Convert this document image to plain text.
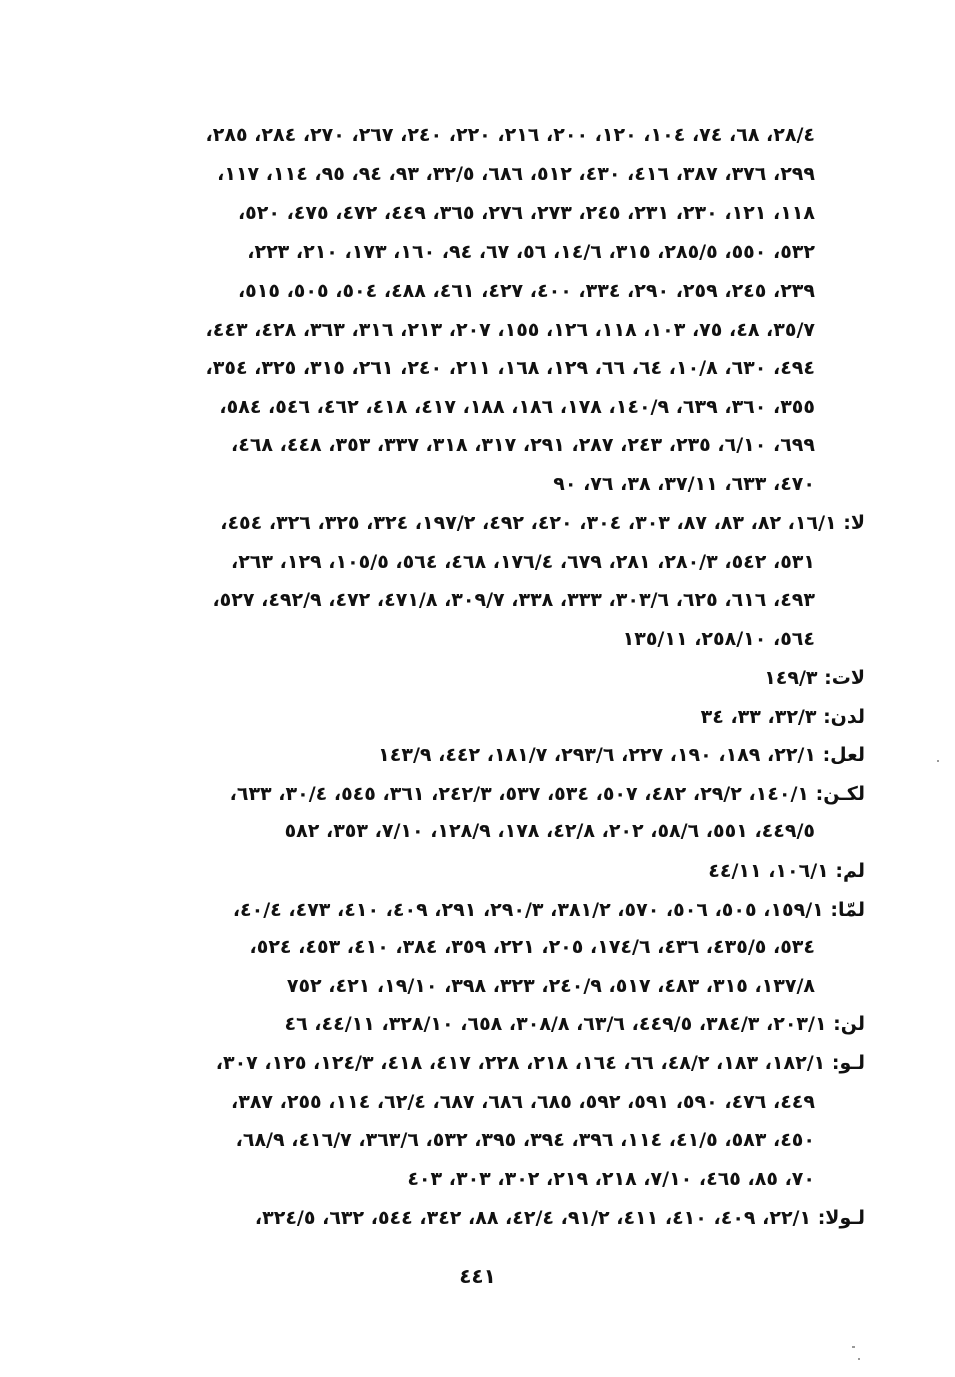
٢٨/٤، ٦٨، ٧٤، ١٠٤، ١٢٠، ٢٠٠، ٢١٦، ٢٢٠، ٢٤٠، ٢٦٧، ٢٧٠، ٢٨٤، ٢٨٥،
٢٩٩، ٣٧٦، ٣٨٧، ٤١٦، ٤٣٠، ٥١٢، ٦٨٦، ٣٢/٥، ٩٣، ٩٤، ٩٥، ١١٤، ١١٧،
١١٨، ١٢١، ٢٣٠، ٢٣١، ٢٤٥، ٢٧٣، ٢٧٦، ٣٦٥، ٤٤٩، ٤٧٢، ٤٧٥، ٥٢٠،
٥٣٢، ٥٥٠، ٢٨٥/٥، ٣١٥، ١٤/٦، ٥٦، ٦٧، ٩٤، ١٦٠، ١٧٣، ٢١٠، ٢٢٣،
٢٣٩، ٢٤٥، ٢٥٩، ٢٩٠، ٣٣٤، ٤٠٠، ٤٢٧، ٤٦١، ٤٨٨، ٥٠٤، ٥٠٥، ٥١٥،
٣٥/٧، ٤٨، ٧٥، ١٠٣، ١١٨، ١٢٦، ١٥٥، ٢٠٧، ٢١٣، ٣١٦، ٣٦٣، ٤٢٨، ٤٤٣،
٤٩٤، ٦٣٠، ١٠/٨، ٦٤، ٦٦، ١٢٩، ١٦٨، ٢١١، ٢٤٠، ٢٦١، ٣١٥، ٣٢٥، ٣٥٤،
٣٥٥، ٣٦٠، ٦٣٩، ١٤٠/٩، ١٧٨، ١٨٦، ١٨٨، ٤١٧، ٤١٨، ٤٦٢، ٥٤٦، ٥٨٤،
٦٩٩، ٦/١٠، ٢٣٥، ٢٤٣، ٢٨٧، ٢٩١، ٣١٧، ٣١٨، ٣٣٧، ٣٥٣، ٤٤٨، ٤٦٨،
٤٧٠، ٦٣٣، ٣٧/١١، ٣٨، ٧٦، ٩٠
لا: ١٦/١، ٨٢، ٨٣، ٨٧، ٣٠٣، ٣٠٤، ٤٢٠، ٤٩٢، ١٩٧/٢، ٣٢٤، ٣٢٥، ٣٢٦، ٤٥٤،
٥٣١، ٥٤٢، ٢٨٠/٣، ٢٨١، ٦٧٩، ١٧٦/٤، ٤٦٨، ٥٦٤، ١٠٥/٥، ١٢٩، ٢٦٣،
٤٩٣، ٦١٦، ٦٢٥، ٣٠٣/٦، ٣٣٣، ٣٣٨، ٣٠٩/٧، ٤٧١/٨، ٤٧٢، ٤٩٢/٩، ٥٢٧،
٥٦٤، ٢٥٨/١٠، ١٣٥/١١
لات: ١٤٩/٣
لدن: ٣٢/٣، ٣٣، ٣٤
لعل: ٢٢/١، ١٨٩، ١٩٠، ٢٢٧، ٢٩٣/٦، ١٨١/٧، ٤٤٢، ١٤٣/٩
لكـن: ١٤٠/١، ٢٩/٢، ٤٨٢، ٥٠٧، ٥٣٤، ٥٣٧، ٢٤٢/٣، ٣٦١، ٥٤٥، ٣٠/٤، ٦٣٣،
٤٤٩/٥، ٥٥١، ٥٨/٦، ٢٠٢، ٤٢/٨، ١٧٨، ١٢٨/٩، ٧/١٠، ٣٥٣، ٥٨٢
لم: ١٠٦/١، ٤٤/١١
لمّا: ١٥٩/١، ٥٠٥، ٥٠٦، ٥٧٠، ٣٨١/٢، ٢٩٠/٣، ٢٩١، ٤٠٩، ٤١٠، ٤٧٣، ٤٠/٤،
٥٣٤، ٤٣٥/٥، ٤٣٦، ١٧٤/٦، ٢٠٥، ٢٢١، ٣٥٩، ٣٨٤، ٤١٠، ٤٥٣، ٥٢٤،
١٣٧/٨، ٣١٥، ٤٨٣، ٥١٧، ٢٤٠/٩، ٣٢٣، ٣٩٨، ١٩/١٠، ٤٢١، ٧٥٢
لن: ٢٠٣/١، ٣٨٤/٣، ٤٤٩/٥، ٦٣/٦، ٣٠٨/٨، ٦٥٨، ٣٢٨/١٠، ٤٤/١١، ٤٦
لـو: ١٨٢/١، ١٨٣، ٤٨/٢، ٦٦، ١٦٤، ٢١٨، ٢٢٨، ٤١٧، ٤١٨، ١٢٤/٣، ١٢٥، ٣٠٧،
٤٤٩، ٤٧٦، ٥٩٠، ٥٩١، ٥٩٢، ٦٨٥، ٦٨٦، ٦٨٧، ٦٢/٤، ١١٤، ٢٥٥، ٣٨٧،
٤٥٠، ٥٨٣، ٤١/٥، ١١٤، ٣٩٦، ٣٩٤، ٣٩٥، ٥٣٢، ٣٦٣/٦، ٤١٦/٧، ٦٨/٩،
٧٠، ٨٥، ٤٦٥، ٧/١٠، ٢١٨، ٢١٩، ٣٠٢، ٣٠٣، ٤٠٣
لـولا: ٢٢/١، ٤٠٩، ٤١٠، ٤١١، ٩١/٢، ٤٢/٤، ٨٨، ٣٤٢، ٥٤٤، ٦٣٢، ٣٢٤/٥،
٤٤١
